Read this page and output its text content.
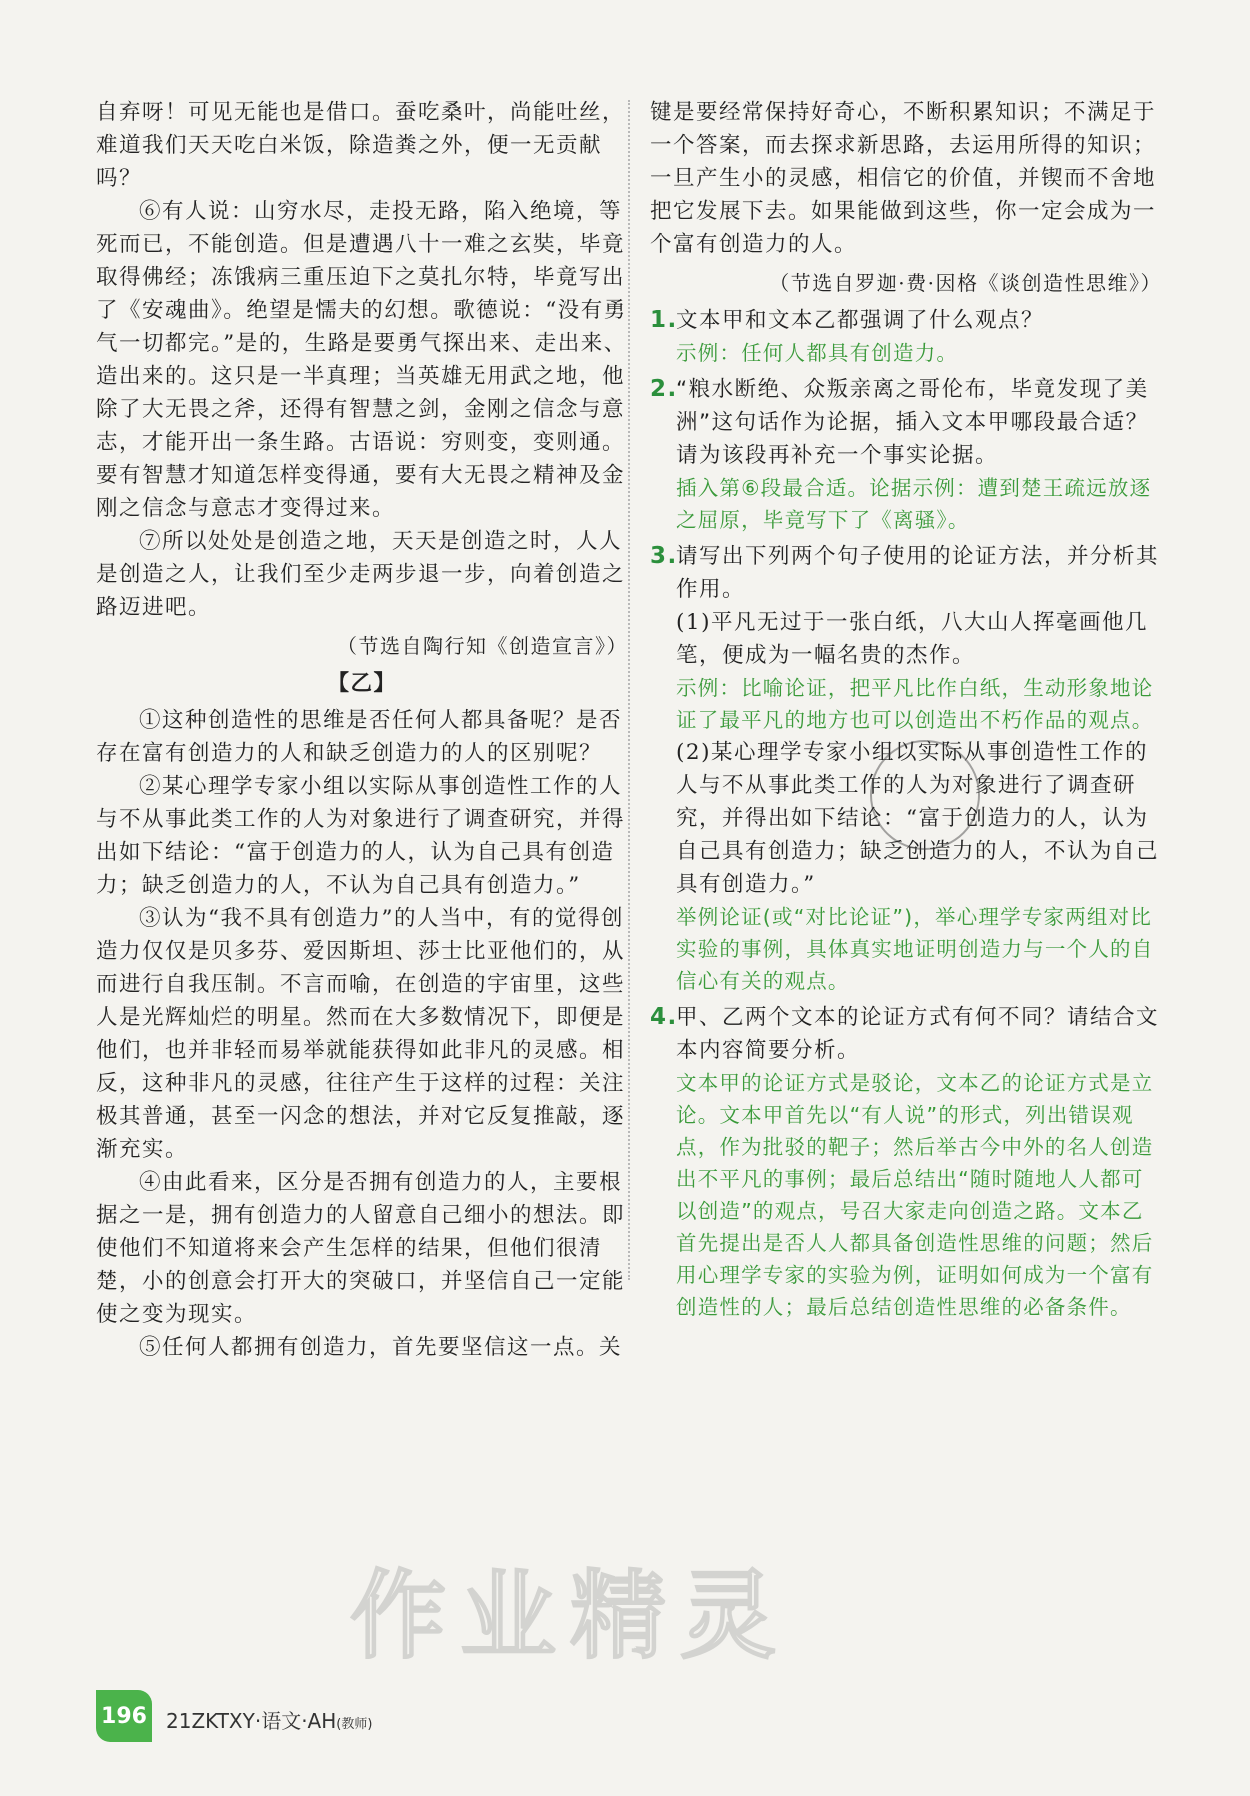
自弃呀！可见无能也是借口。蚕吃桑叶，尚能吐丝，难道我们天天吃白米饭，除造粪之外，便一无贡献吗？

⑥有人说：山穷水尽，走投无路，陷入绝境，等死而已，不能创造。但是遭遇八十一难之玄奘，毕竟取得佛经；冻饿病三重压迫下之莫扎尔特，毕竟写出了《安魂曲》。绝望是懦夫的幻想。歌德说：“没有勇气一切都完。”是的，生路是要勇气探出来、走出来、造出来的。这只是一半真理；当英雄无用武之地，他除了大无畏之斧，还得有智慧之剑，金刚之信念与意志，才能开出一条生路。古语说：穷则变，变则通。要有智慧才知道怎样变得通，要有大无畏之精神及金刚之信念与意志才变得过来。

⑦所以处处是创造之地，天天是创造之时，人人是创造之人，让我们至少走两步退一步，向着创造之路迈进吧。

（节选自陶行知《创造宣言》）

【乙】

①这种创造性的思维是否任何人都具备呢？是否存在富有创造力的人和缺乏创造力的人的区别呢？

②某心理学专家小组以实际从事创造性工作的人与不从事此类工作的人为对象进行了调查研究，并得出如下结论：“富于创造力的人，认为自己具有创造力；缺乏创造力的人，不认为自己具有创造力。”

③认为“我不具有创造力”的人当中，有的觉得创造力仅仅是贝多芬、爱因斯坦、莎士比亚他们的，从而进行自我压制。不言而喻，在创造的宇宙里，这些人是光辉灿烂的明星。然而在大多数情况下，即便是他们，也并非轻而易举就能获得如此非凡的灵感。相反，这种非凡的灵感，往往产生于这样的过程：关注极其普通，甚至一闪念的想法，并对它反复推敲，逐渐充实。

④由此看来，区分是否拥有创造力的人，主要根据之一是，拥有创造力的人留意自己细小的想法。即使他们不知道将来会产生怎样的结果，但他们很清楚，小的创意会打开大的突破口，并坚信自己一定能使之变为现实。

⑤任何人都拥有创造力，首先要坚信这一点。关

键是要经常保持好奇心，不断积累知识；不满足于一个答案，而去探求新思路，去运用所得的知识；一旦产生小的灵感，相信它的价值，并锲而不舍地把它发展下去。如果能做到这些，你一定会成为一个富有创造力的人。

（节选自罗迦·费·因格《谈创造性思维》）

1.
文本甲和文本乙都强调了什么观点？

示例：任何人都具有创造力。

2.
“粮水断绝、众叛亲离之哥伦布，毕竟发现了美洲”这句话作为论据，插入文本甲哪段最合适？请为该段再补充一个事实论据。

插入第⑥段最合适。论据示例：遭到楚王疏远放逐之屈原，毕竟写下了《离骚》。

3.
请写出下列两个句子使用的论证方法，并分析其作用。

(1)平凡无过于一张白纸，八大山人挥毫画他几笔，便成为一幅名贵的杰作。

示例：比喻论证，把平凡比作白纸，生动形象地论证了最平凡的地方也可以创造出不朽作品的观点。

(2)某心理学专家小组以实际从事创造性工作的人与不从事此类工作的人为对象进行了调查研究，并得出如下结论：“富于创造力的人，认为自己具有创造力；缺乏创造力的人，不认为自己具有创造力。”

举例论证(或“对比论证”)，举心理学专家两组对比实验的事例，具体真实地证明创造力与一个人的自信心有关的观点。

4.
甲、乙两个文本的论证方式有何不同？请结合文本内容简要分析。

文本甲的论证方式是驳论，文本乙的论证方式是立论。文本甲首先以“有人说”的形式，列出错误观点，作为批驳的靶子；然后举古今中外的名人创造出不平凡的事例；最后总结出“随时随地人人都可以创造”的观点，号召大家走向创造之路。文本乙首先提出是否人人都具备创造性思维的问题；然后用心理学专家的实验为例，证明如何成为一个富有创造性的人；最后总结创造性思维的必备条件。

作业精灵
196 21ZKTXY·语文·AH(教师)
